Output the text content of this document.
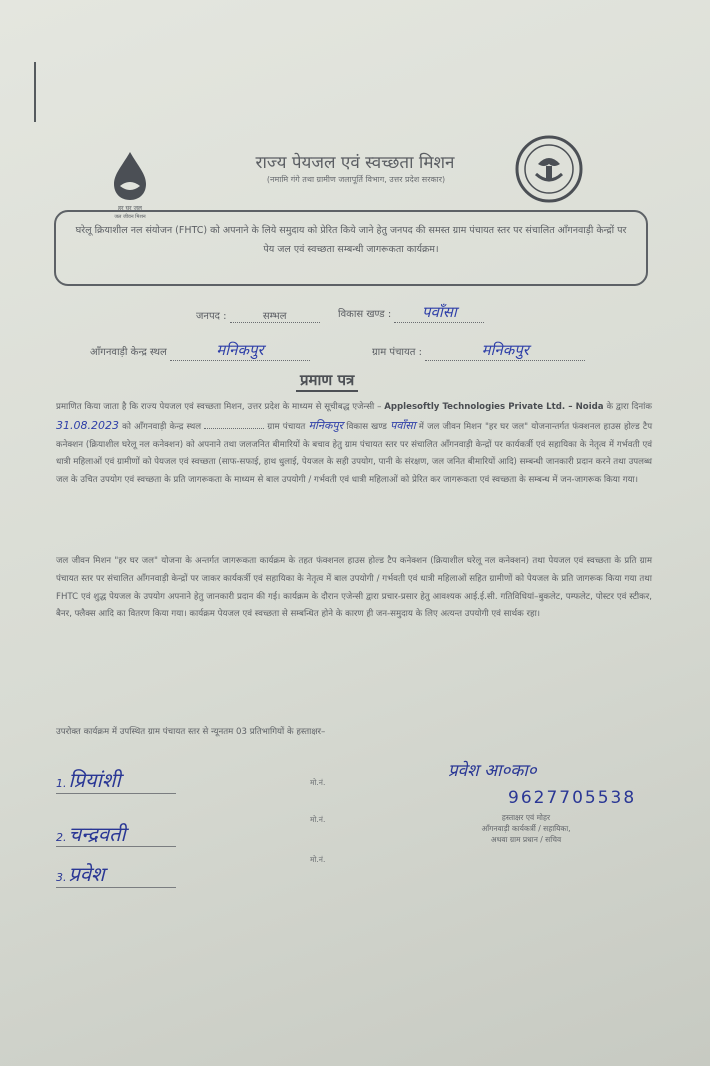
हर घर जल
जल जीवन मिशन
राज्य पेयजल एवं स्वच्छता मिशन
(नमामि गंगे तथा ग्रामीण जलापूर्ति विभाग, उत्तर प्रदेश सरकार)
घरेलू क्रियाशील नल संयोजन (FHTC) को अपनाने के लिये समुदाय को प्रेरित किये जाने हेतु जनपद की समस्त ग्राम पंचायत स्तर पर संचालित आँगनवाड़ी केन्द्रों पर पेय जल एवं स्वच्छता सम्बन्धी जागरूकता कार्यक्रम।
जनपद :	सम्भल	विकास खण्ड : पवाँसा
आँगनवाड़ी केन्द्र स्थल	मनिकपुर	ग्राम पंचायत :	मनिकपुर
प्रमाण पत्र
प्रमाणित किया जाता है कि राज्य पेयजल एवं स्वच्छता मिशन, उत्तर प्रदेश के माध्यम से सूचीबद्ध एजेन्सी – Applesoftly Technologies Private Ltd. – Noida के द्वारा दिनांक 31.08.2023 को आँगनवाड़ी केन्द्र स्थल	ग्राम पंचायत मनिकपुर विकास खण्ड पवाँसा में जल जीवन मिशन "हर घर जल" योजनान्तर्गत फंक्शनल हाउस होल्ड टैप कनेक्शन (क्रियाशील घरेलू नल कनेक्शन) को अपनाने तथा जलजनित बीमारियों के बचाव हेतु ग्राम पंचायत स्तर पर संचालित आँगनवाड़ी केन्द्रों पर कार्यकर्त्री एवं सहायिका के नेतृत्व में गर्भवती एवं धात्री महिलाओं एवं ग्रामीणों को पेयजल एवं स्वच्छता (साफ-सफाई, हाथ धुलाई, पेयजल के सही उपयोग, पानी के संरक्षण, जल जनित बीमारियों आदि) सम्बन्धी जानकारी प्रदान करने तथा उपलब्ध जल के उचित उपयोग एवं स्वच्छता के प्रति जागरूकता के माध्यम से बाल उपयोगी / गर्भवती एवं धात्री महिलाओं को प्रेरित कर जागरूकता एवं स्वच्छता के सम्बन्ध में जन-जागरूक किया गया।
जल जीवन मिशन "हर घर जल" योजना के अन्तर्गत जागरूकता कार्यक्रम के तहत फंक्शनल हाउस होल्ड टैप कनेक्शन (क्रियाशील घरेलू नल कनेक्शन) तथा पेयजल एवं स्वच्छता के प्रति ग्राम पंचायत स्तर पर संचालित आँगनवाड़ी केन्द्रों पर जाकर कार्यकर्त्री एवं सहायिका के नेतृत्व में बाल उपयोगी / गर्भवती एवं धात्री महिलाओं सहित ग्रामीणों को पेयजल के प्रति जागरूक किया गया तथा FHTC एवं शुद्ध पेयजल के उपयोग अपनाने हेतु जानकारी प्रदान की गई। कार्यक्रम के दौरान एजेन्सी द्वारा प्रचार-प्रसार हेतु आवश्यक आई.ई.सी. गतिविधियां–बुकलेट, पम्फलेट, पोस्टर एवं स्टीकर, बैनर, फ्लैक्स आदि का वितरण किया गया। कार्यक्रम पेयजल एवं स्वच्छता से सम्बन्धित होने के कारण ही जन-समुदाय के लिए अत्यन्त उपयोगी एवं सार्थक रहा।
उपरोक्त कार्यक्रम में उपस्थित ग्राम पंचायत स्तर से न्यूनतम 03 प्रतिभागियों के हस्ताक्षर–
1. प्रियांशी	मो.नं.
2. चन्द्रवती
मो.नं.
3. प्रवेश
मो.नं.
प्रवेश आ०का०
9627705538
हस्ताक्षर एवं मोहर
आँगनवाड़ी कार्यकर्त्री / सहायिका,
अथवा ग्राम प्रधान / सचिव
